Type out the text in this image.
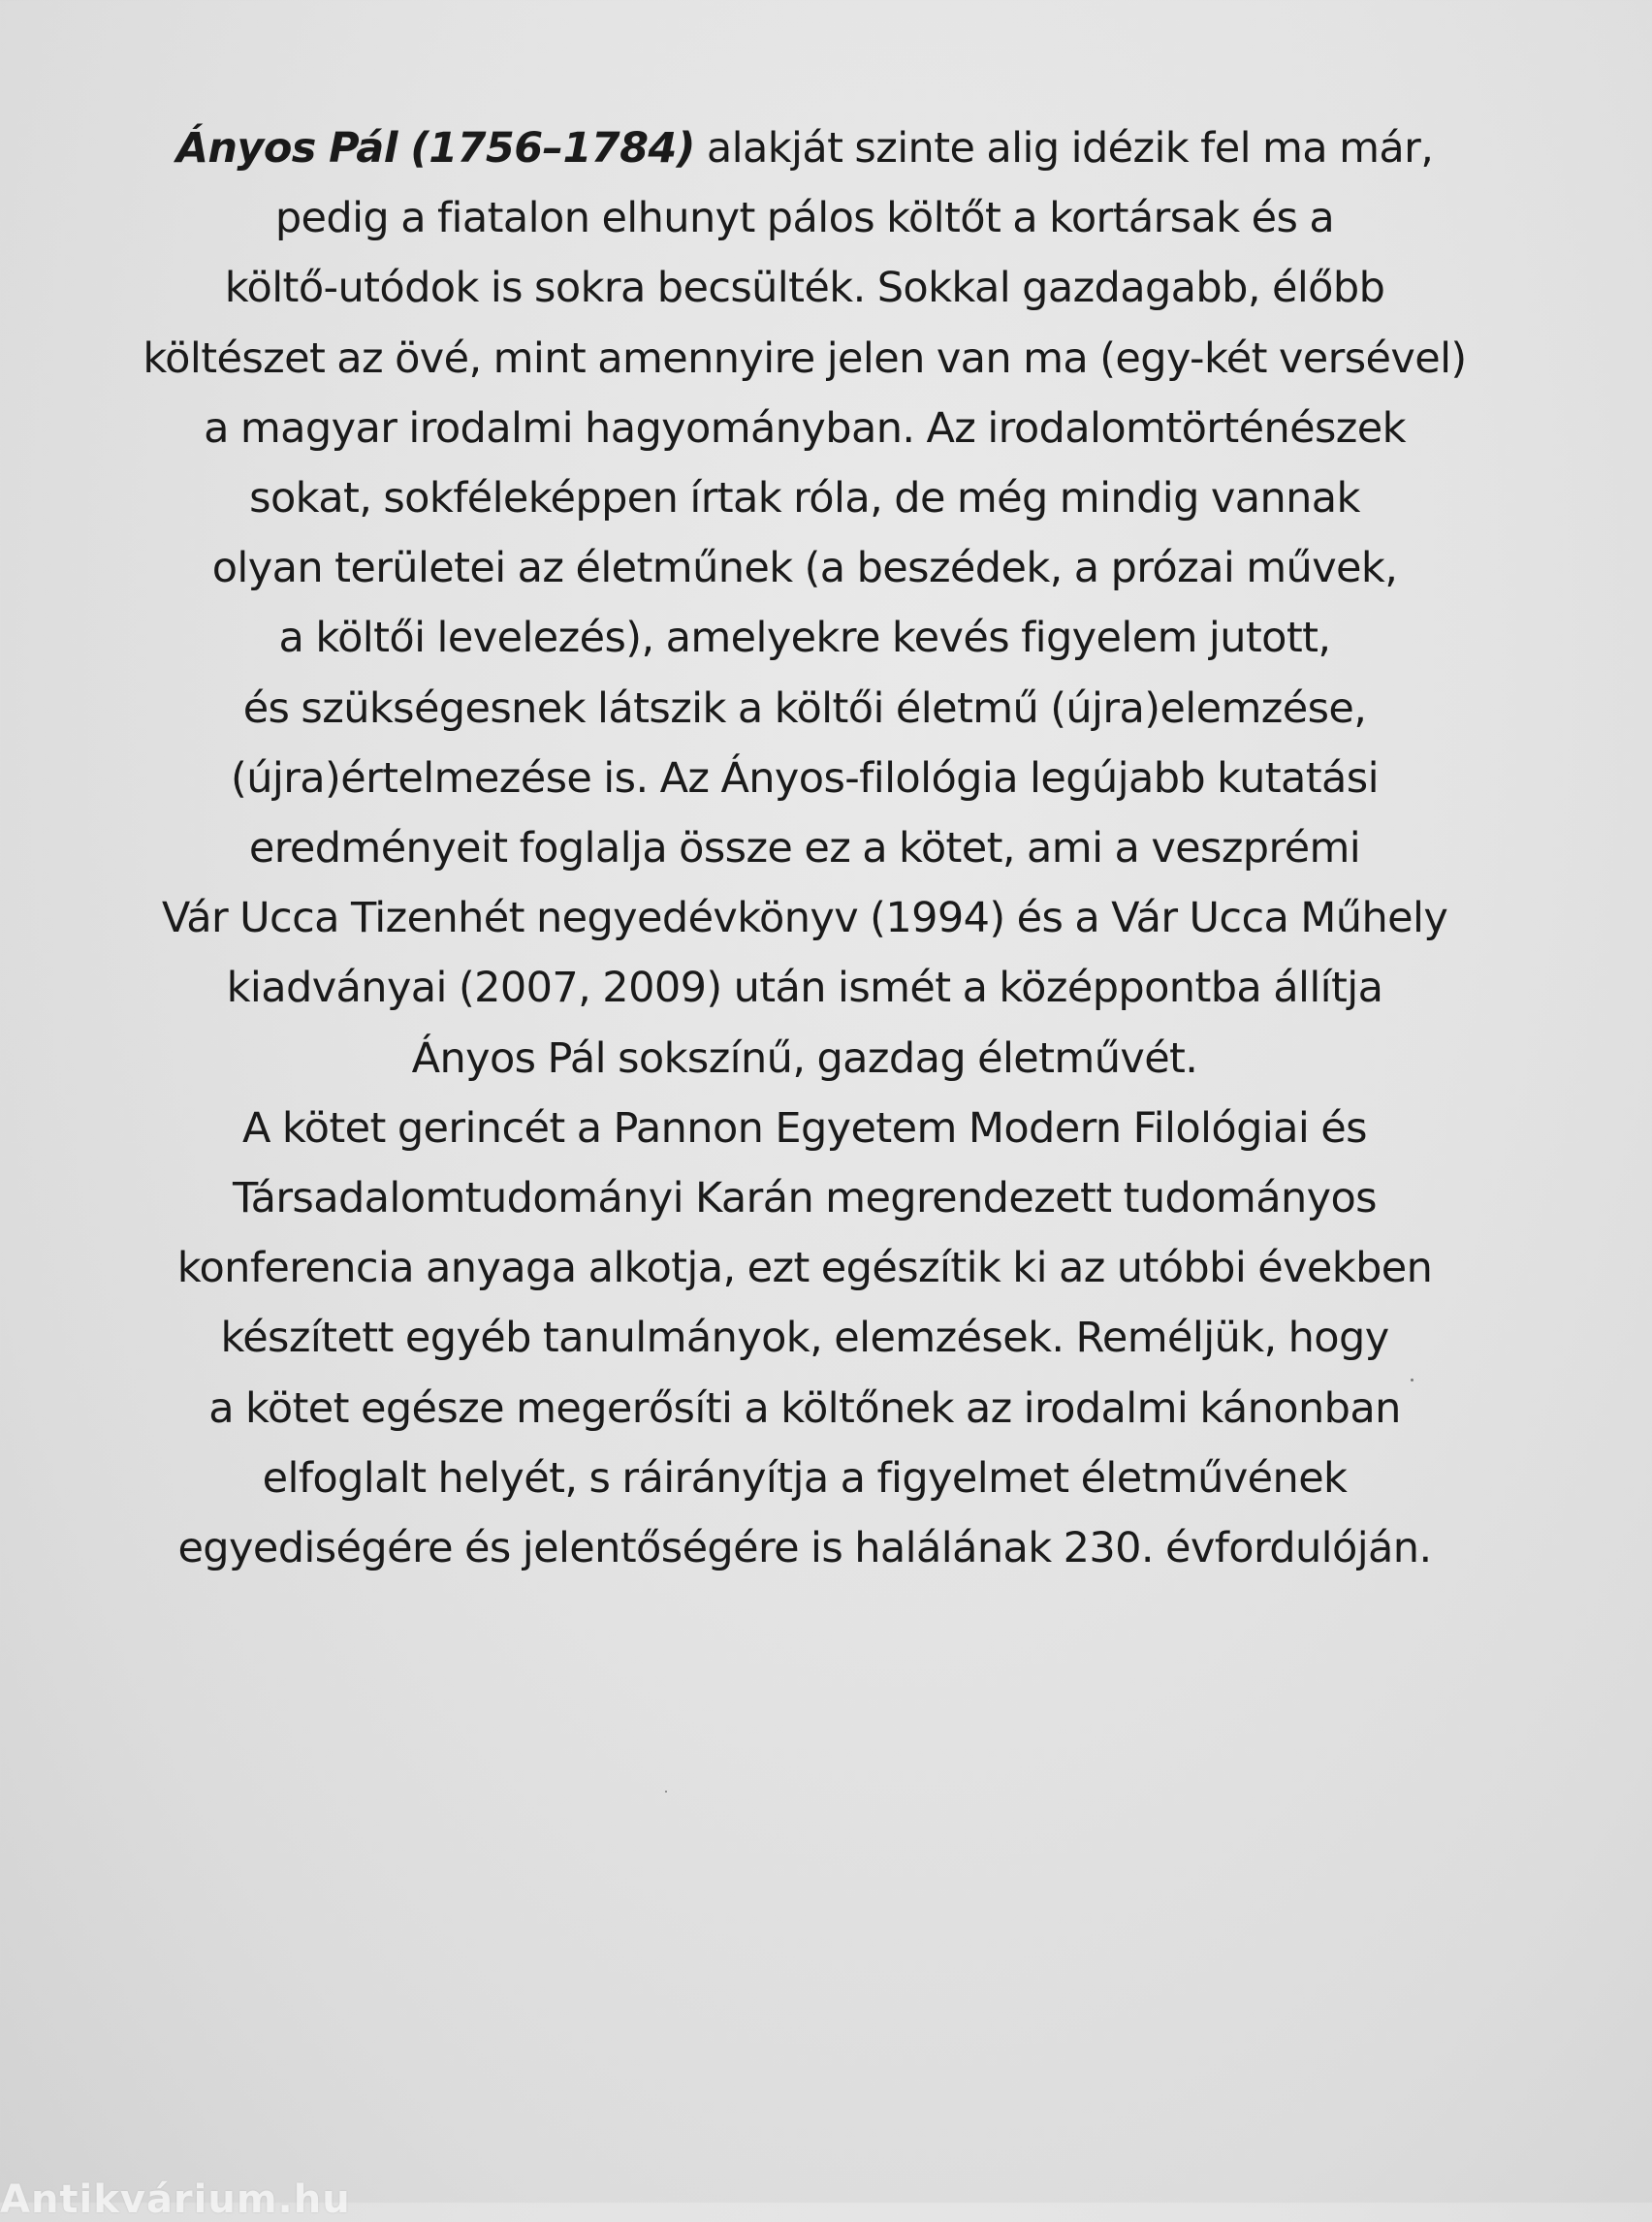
Ányos Pál (1756–1784) alakját szinte alig idézik fel ma már,
pedig a fiatalon elhunyt pálos költőt a kortársak és a
költő-utódok is sokra becsülték. Sokkal gazdagabb, élőbb
költészet az övé, mint amennyire jelen van ma (egy-két versével)
a magyar irodalmi hagyományban. Az irodalomtörténészek
sokat, sokféleképpen írtak róla, de még mindig vannak
olyan területei az életműnek (a beszédek, a prózai művek,
a költői levelezés), amelyekre kevés figyelem jutott,
és szükségesnek látszik a költői életmű (újra)elemzése,
(újra)értelmezése is. Az Ányos-filológia legújabb kutatási
eredményeit foglalja össze ez a kötet, ami a veszprémi
Vár Ucca Tizenhét negyedévkönyv (1994) és a Vár Ucca Műhely
kiadványai (2007, 2009) után ismét a középpontba állítja
Ányos Pál sokszínű, gazdag életművét.
A kötet gerincét a Pannon Egyetem Modern Filológiai és
Társadalomtudományi Karán megrendezett tudományos
konferencia anyaga alkotja, ezt egészítik ki az utóbbi években
készített egyéb tanulmányok, elemzések. Reméljük, hogy
a kötet egésze megerősíti a költőnek az irodalmi kánonban
elfoglalt helyét, s ráirányítja a figyelmet életművének
egyediségére és jelentőségére is halálának 230. évfordulóján.
Antikvárium.hu
